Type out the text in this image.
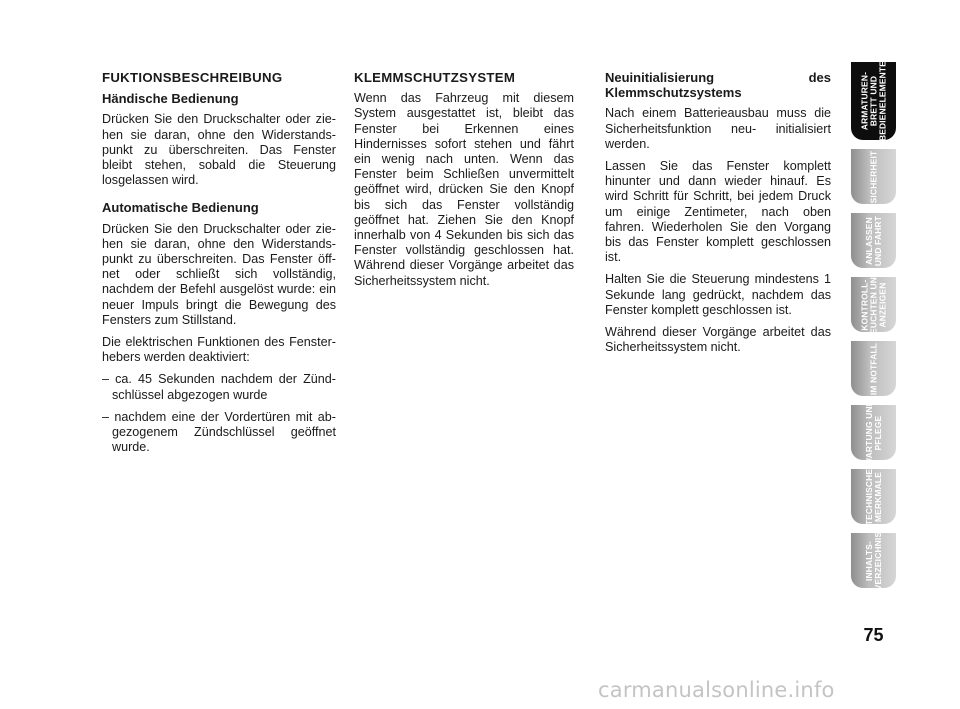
FUKTIONSBESCHREIBUNG

Händische Bedienung

Drücken Sie den Druckschalter oder ziehen sie daran, ohne den Widerstandspunkt zu überschreiten. Das Fenster bleibt stehen, sobald die Steuerung losgelassen wird.

Automatische Bedienung

Drücken Sie den Druckschalter oder ziehen sie daran, ohne den Widerstandspunkt zu überschreiten. Das Fenster öffnet oder schließt sich vollständig, nachdem der Befehl ausgelöst wurde: ein neuer Impuls bringt die Bewegung des Fensters zum Stillstand.

Die elektrischen Funktionen des Fensterhebers werden deaktiviert:

– ca. 45 Sekunden nachdem der Zündschlüssel abgezogen wurde

– nachdem eine der Vordertüren mit abgezogenem Zündschlüssel geöffnet wurde.

KLEMMSCHUTZSYSTEM

Wenn das Fahrzeug mit diesem System ausgestattet ist, bleibt das Fenster bei Erkennen eines Hindernisses sofort stehen und fährt ein wenig nach unten. Wenn das Fenster beim Schließen unvermittelt geöffnet wird, drücken Sie den Knopf bis sich das Fenster vollständig geöffnet hat. Ziehen Sie den Knopf innerhalb von 4 Sekunden bis sich das Fenster vollständig geschlossen hat. Während dieser Vorgänge arbeitet das Sicherheitssystem nicht.

Neuinitialisierung des Klemmschutzsystems

Nach einem Batterieausbau muss die Sicherheitsfunktion neu- initialisiert werden.

Lassen Sie das Fenster komplett hinunter und dann wieder hinauf. Es wird Schritt für Schritt, bei jedem Druck um einige Zentimeter, nach oben fahren. Wiederholen Sie den Vorgang bis das Fenster komplett geschlossen ist.

Halten Sie die Steuerung mindestens 1 Sekunde lang gedrückt, nachdem das Fenster komplett geschlossen ist.

Während dieser Vorgänge arbeitet das Sicherheitssystem nicht.

ARMATUREN-
BRETT UND
BEDIENELEMENTE
SICHERHEIT
ANLASSEN
UND FAHRT
KONTROLL-
LEUCHTEN UND
ANZEIGEN
IM NOTFALL
WARTUNG UND
PFLEGE
TECHNISCHE
MERKMALE
INHALTS-
VERZEICHNIS
75
carmanualsonline.info
